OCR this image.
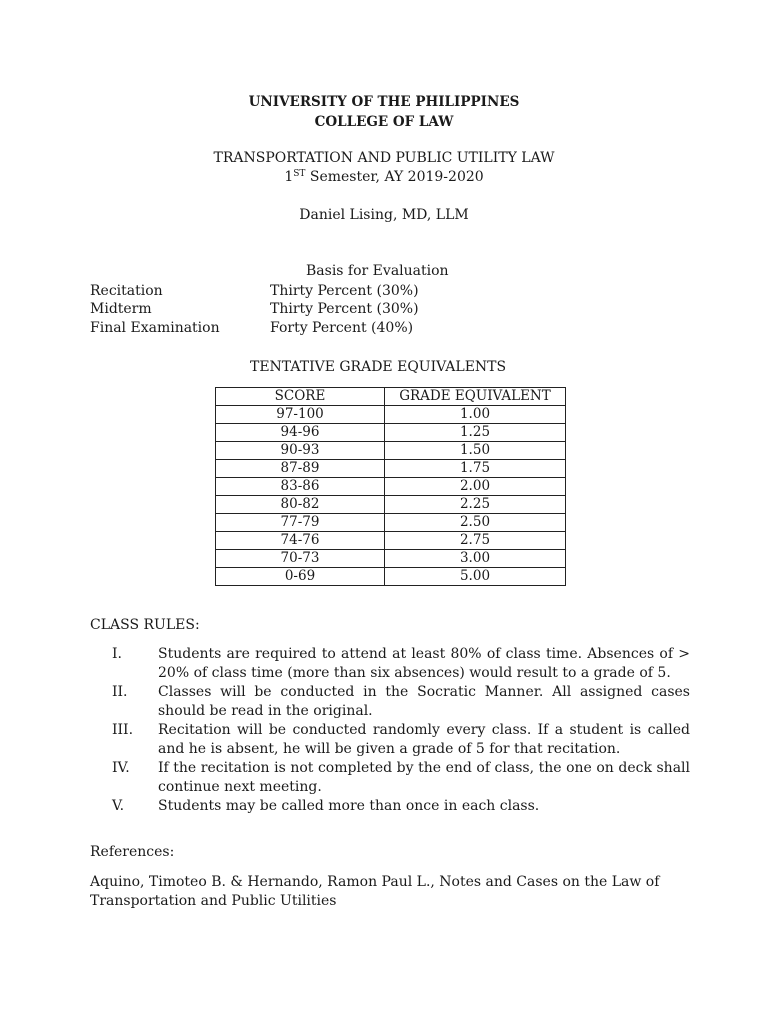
UNIVERSITY OF THE PHILIPPINES
COLLEGE OF LAW
TRANSPORTATION AND PUBLIC UTILITY LAW
1ST Semester, AY 2019-2020
Daniel Lising, MD, LLM
Basis for Evaluation
Recitation	Thirty Percent (30%)
Midterm	Thirty Percent (30%)
Final Examination	Forty Percent (40%)
TENTATIVE GRADE EQUIVALENTS
SCORE	GRADE EQUIVALENT
97-100	1.00
94-96	1.25
90-93	1.50
87-89	1.75
83-86	2.00
80-82	2.25
77-79	2.50
74-76	2.75
70-73	3.00
0-69	5.00
CLASS RULES:
I.	Students are required to attend at least 80% of class time. Absences of > 20% of class time (more than six absences) would result to a grade of 5.
II. Classes will be conducted in the Socratic Manner. All assigned cases should be read in the original.
III. Recitation will be conducted randomly every class. If a student is called and he is absent, he will be given a grade of 5 for that recitation.
IV. If the recitation is not completed by the end of class, the one on deck shall continue next meeting.
V. Students may be called more than once in each class.
References:
Aquino, Timoteo B. & Hernando, Ramon Paul L., Notes and Cases on the Law of Transportation and Public Utilities
